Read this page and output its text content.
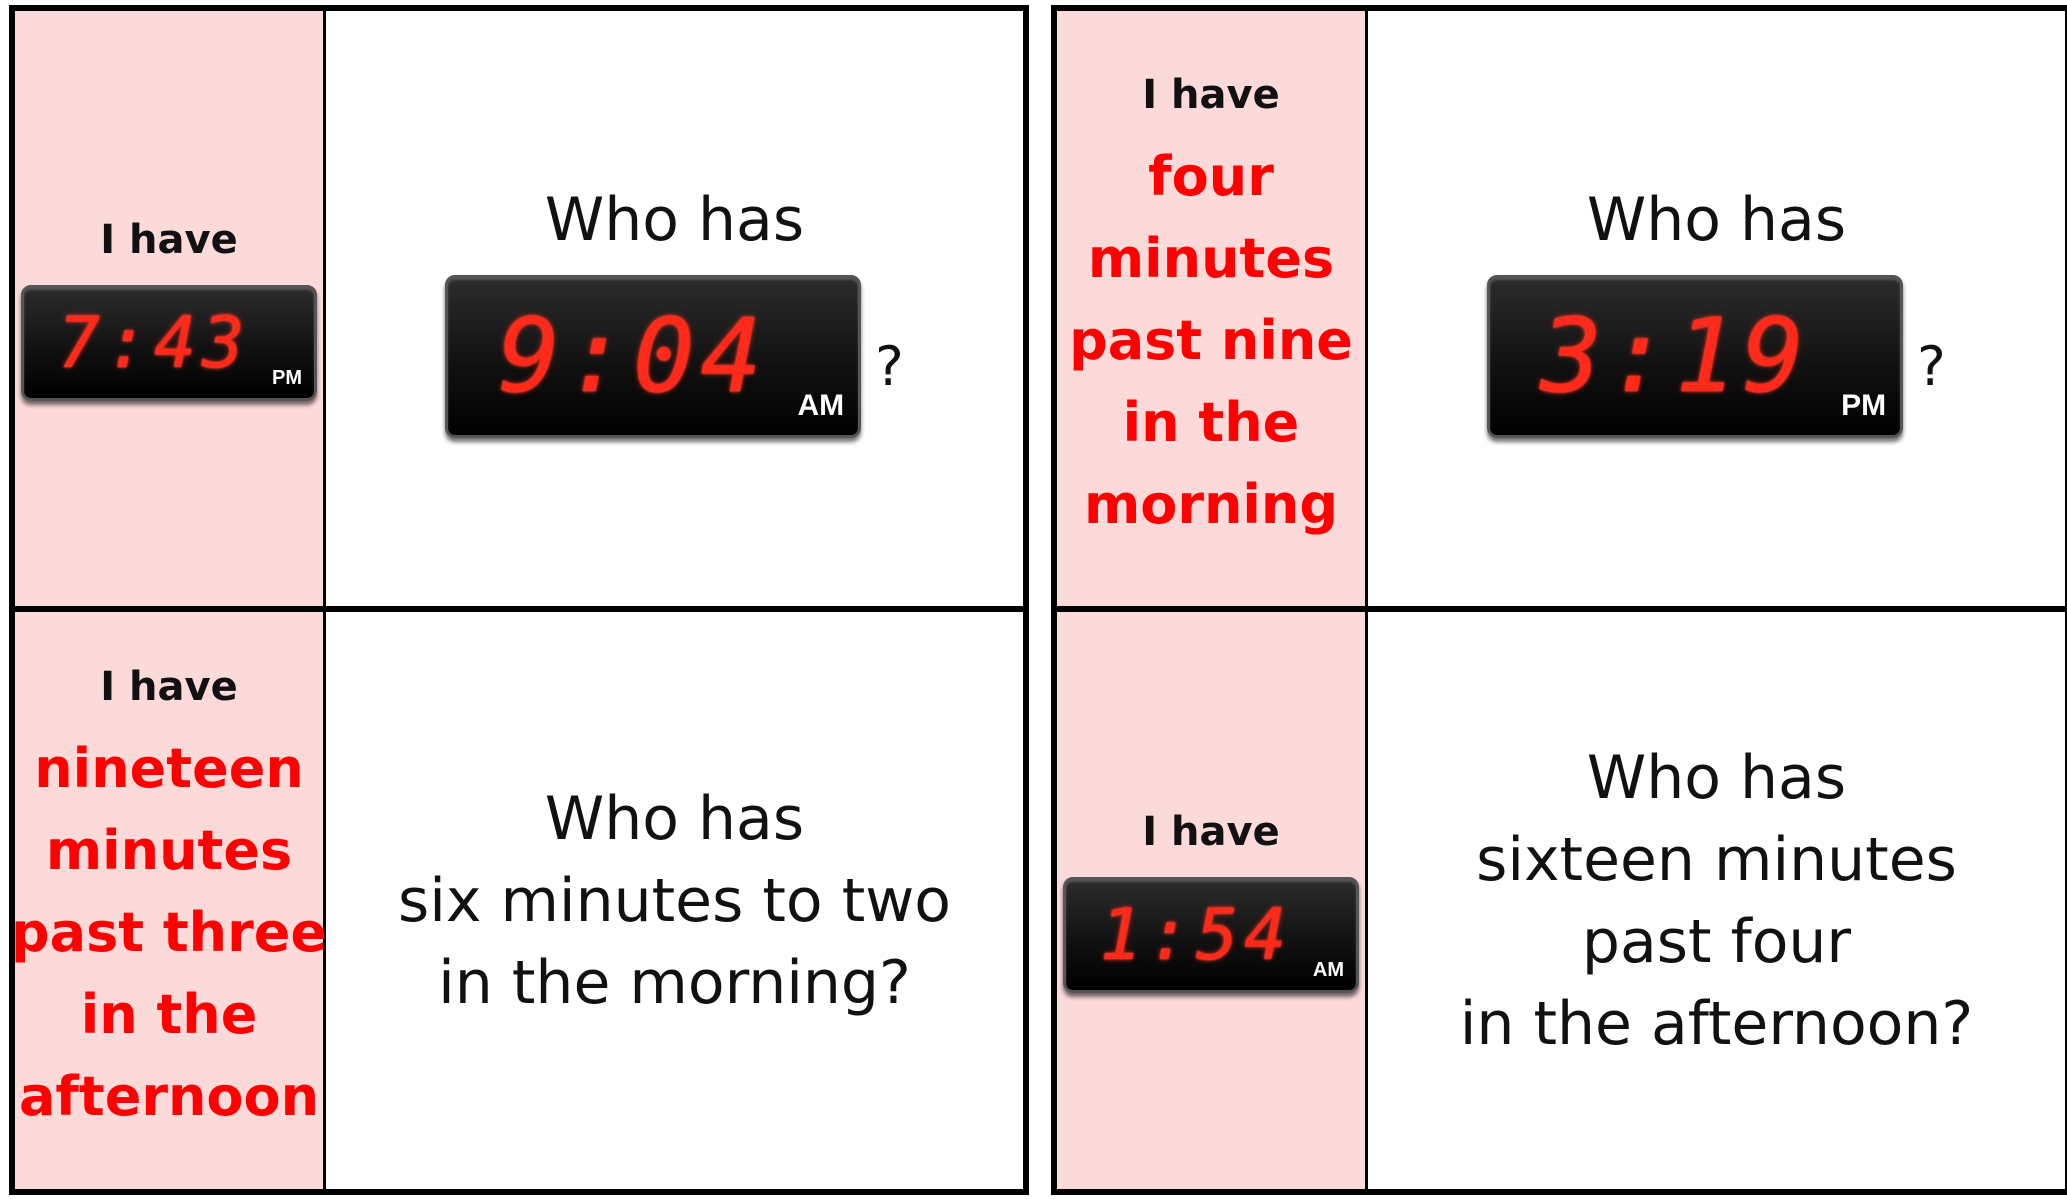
I have
7:43 PM
Who has
9:04 AM
?
I have
nineteen
minutes
past three
in the
afternoon
Who has
six minutes to two
in the morning?
I have
four
minutes
past nine
in the
morning
Who has
3:19 PM
?
I have
1:54 AM
Who has
sixteen minutes
past four
in the afternoon?
